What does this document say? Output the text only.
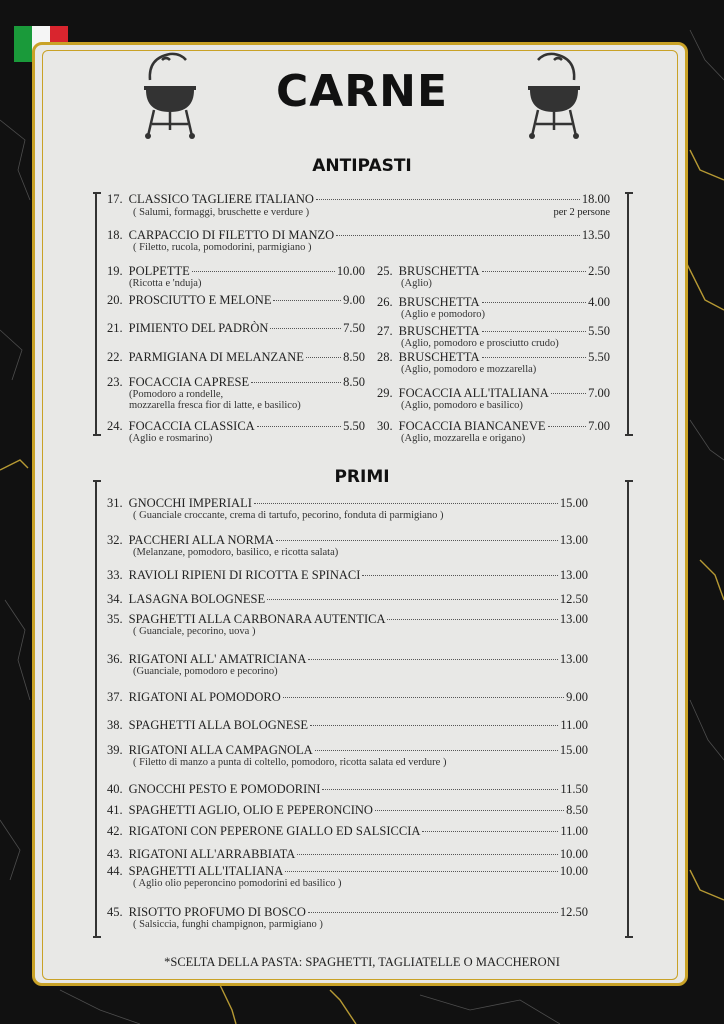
CARNE
ANTIPASTI
17. CLASSICO TAGLIERE ITALIANO	18.00
( Salumi, formaggi, bruschette e verdure )	per 2 persone
18. CARPACCIO DI FILETTO DI MANZO	13.50
( Filetto, rucola, pomodorini, parmigiano )
19. POLPETTE	10.00
(Ricotta e 'nduja)
20. PROSCIUTTO E MELONE	9.00
21. PIMIENTO DEL PADRÒN	7.50
22. PARMIGIANA DI MELANZANE	8.50
23. FOCACCIA CAPRESE	8.50
(Pomodoro a rondelle,
mozzarella fresca fior di latte, e basilico)
24. FOCACCIA CLASSICA	5.50
(Aglio e rosmarino)
25. BRUSCHETTA	2.50
(Aglio)
26. BRUSCHETTA	4.00
(Aglio e pomodoro)
27. BRUSCHETTA	5.50
(Aglio, pomodoro e prosciutto crudo)
28. BRUSCHETTA	5.50
(Aglio, pomodoro e mozzarella)
29. FOCACCIA ALL'ITALIANA	7.00
(Aglio, pomodoro e basilico)
30. FOCACCIA BIANCANEVE	7.00
(Aglio, mozzarella e origano)
PRIMI
31. GNOCCHI IMPERIALI	15.00
( Guanciale croccante, crema di tartufo, pecorino, fonduta di parmigiano )
32. PACCHERI ALLA NORMA	13.00
(Melanzane, pomodoro, basilico, e ricotta salata)
33. RAVIOLI RIPIENI DI RICOTTA E SPINACI	13.00
34. LASAGNA BOLOGNESE	12.50
35. SPAGHETTI ALLA CARBONARA AUTENTICA	13.00
( Guanciale, pecorino, uova )
36. RIGATONI ALL' AMATRICIANA	13.00
(Guanciale, pomodoro e pecorino)
37. RIGATONI AL POMODORO	9.00
38. SPAGHETTI ALLA BOLOGNESE	11.00
39. RIGATONI ALLA CAMPAGNOLA	15.00
( Filetto di manzo a punta di coltello, pomodoro, ricotta salata ed verdure )
40. GNOCCHI PESTO E POMODORINI	11.50
41. SPAGHETTI AGLIO, OLIO E PEPERONCINO	8.50
42. RIGATONI CON PEPERONE GIALLO ED SALSICCIA	11.00
43. RIGATONI ALL'ARRABBIATA	10.00
44. SPAGHETTI ALL'ITALIANA	10.00
( Aglio olio peperoncino pomodorini ed basilico )
45. RISOTTO PROFUMO DI BOSCO	12.50
( Salsiccia, funghi champignon, parmigiano )
*SCELTA DELLA PASTA: SPAGHETTI, TAGLIATELLE O MACCHERONI
